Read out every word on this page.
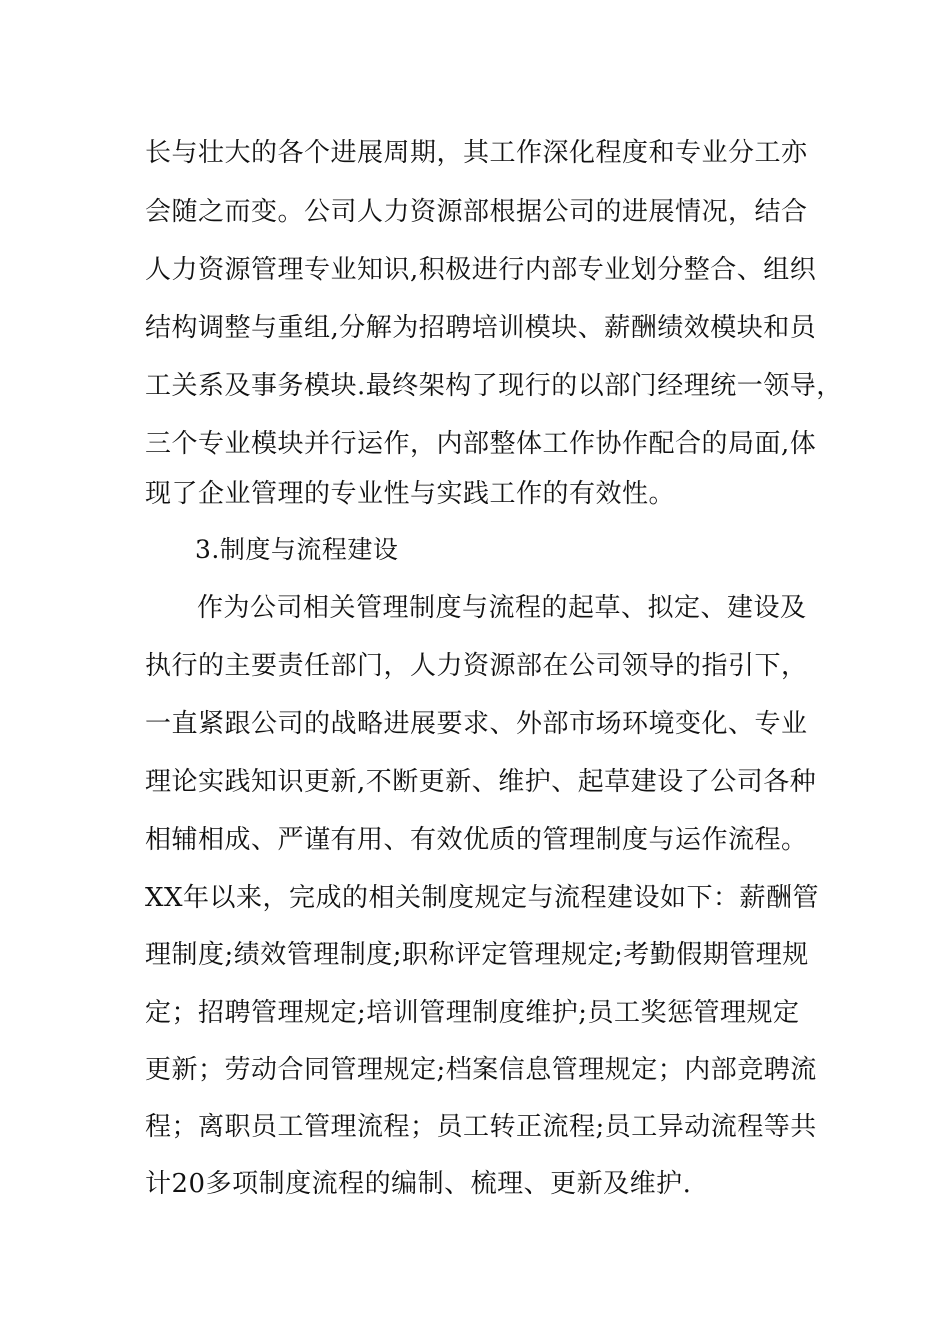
长与壮大的各个进展周期，其工作深化程度和专业分工亦
会随之而变。公司人力资源部根据公司的进展情况，结合
人力资源管理专业知识,积极进行内部专业划分整合、组织
结构调整与重组,分解为招聘培训模块、薪酬绩效模块和员
工关系及事务模块.最终架构了现行的以部门经理统一领导，
三个专业模块并行运作，内部整体工作协作配合的局面,体
现了企业管理的专业性与实践工作的有效性。
3.制度与流程建设
作为公司相关管理制度与流程的起草、拟定、建设及
执行的主要责任部门，人力资源部在公司领导的指引下，
一直紧跟公司的战略进展要求、外部市场环境变化、专业
理论实践知识更新,不断更新、维护、起草建设了公司各种
相辅相成、严谨有用、有效优质的管理制度与运作流程。
XX年以来，完成的相关制度规定与流程建设如下：薪酬管
理制度;绩效管理制度;职称评定管理规定;考勤假期管理规
定；招聘管理规定;培训管理制度维护;员工奖惩管理规定
更新；劳动合同管理规定;档案信息管理规定；内部竞聘流
程；离职员工管理流程；员工转正流程;员工异动流程等共
计20多项制度流程的编制、梳理、更新及维护.
